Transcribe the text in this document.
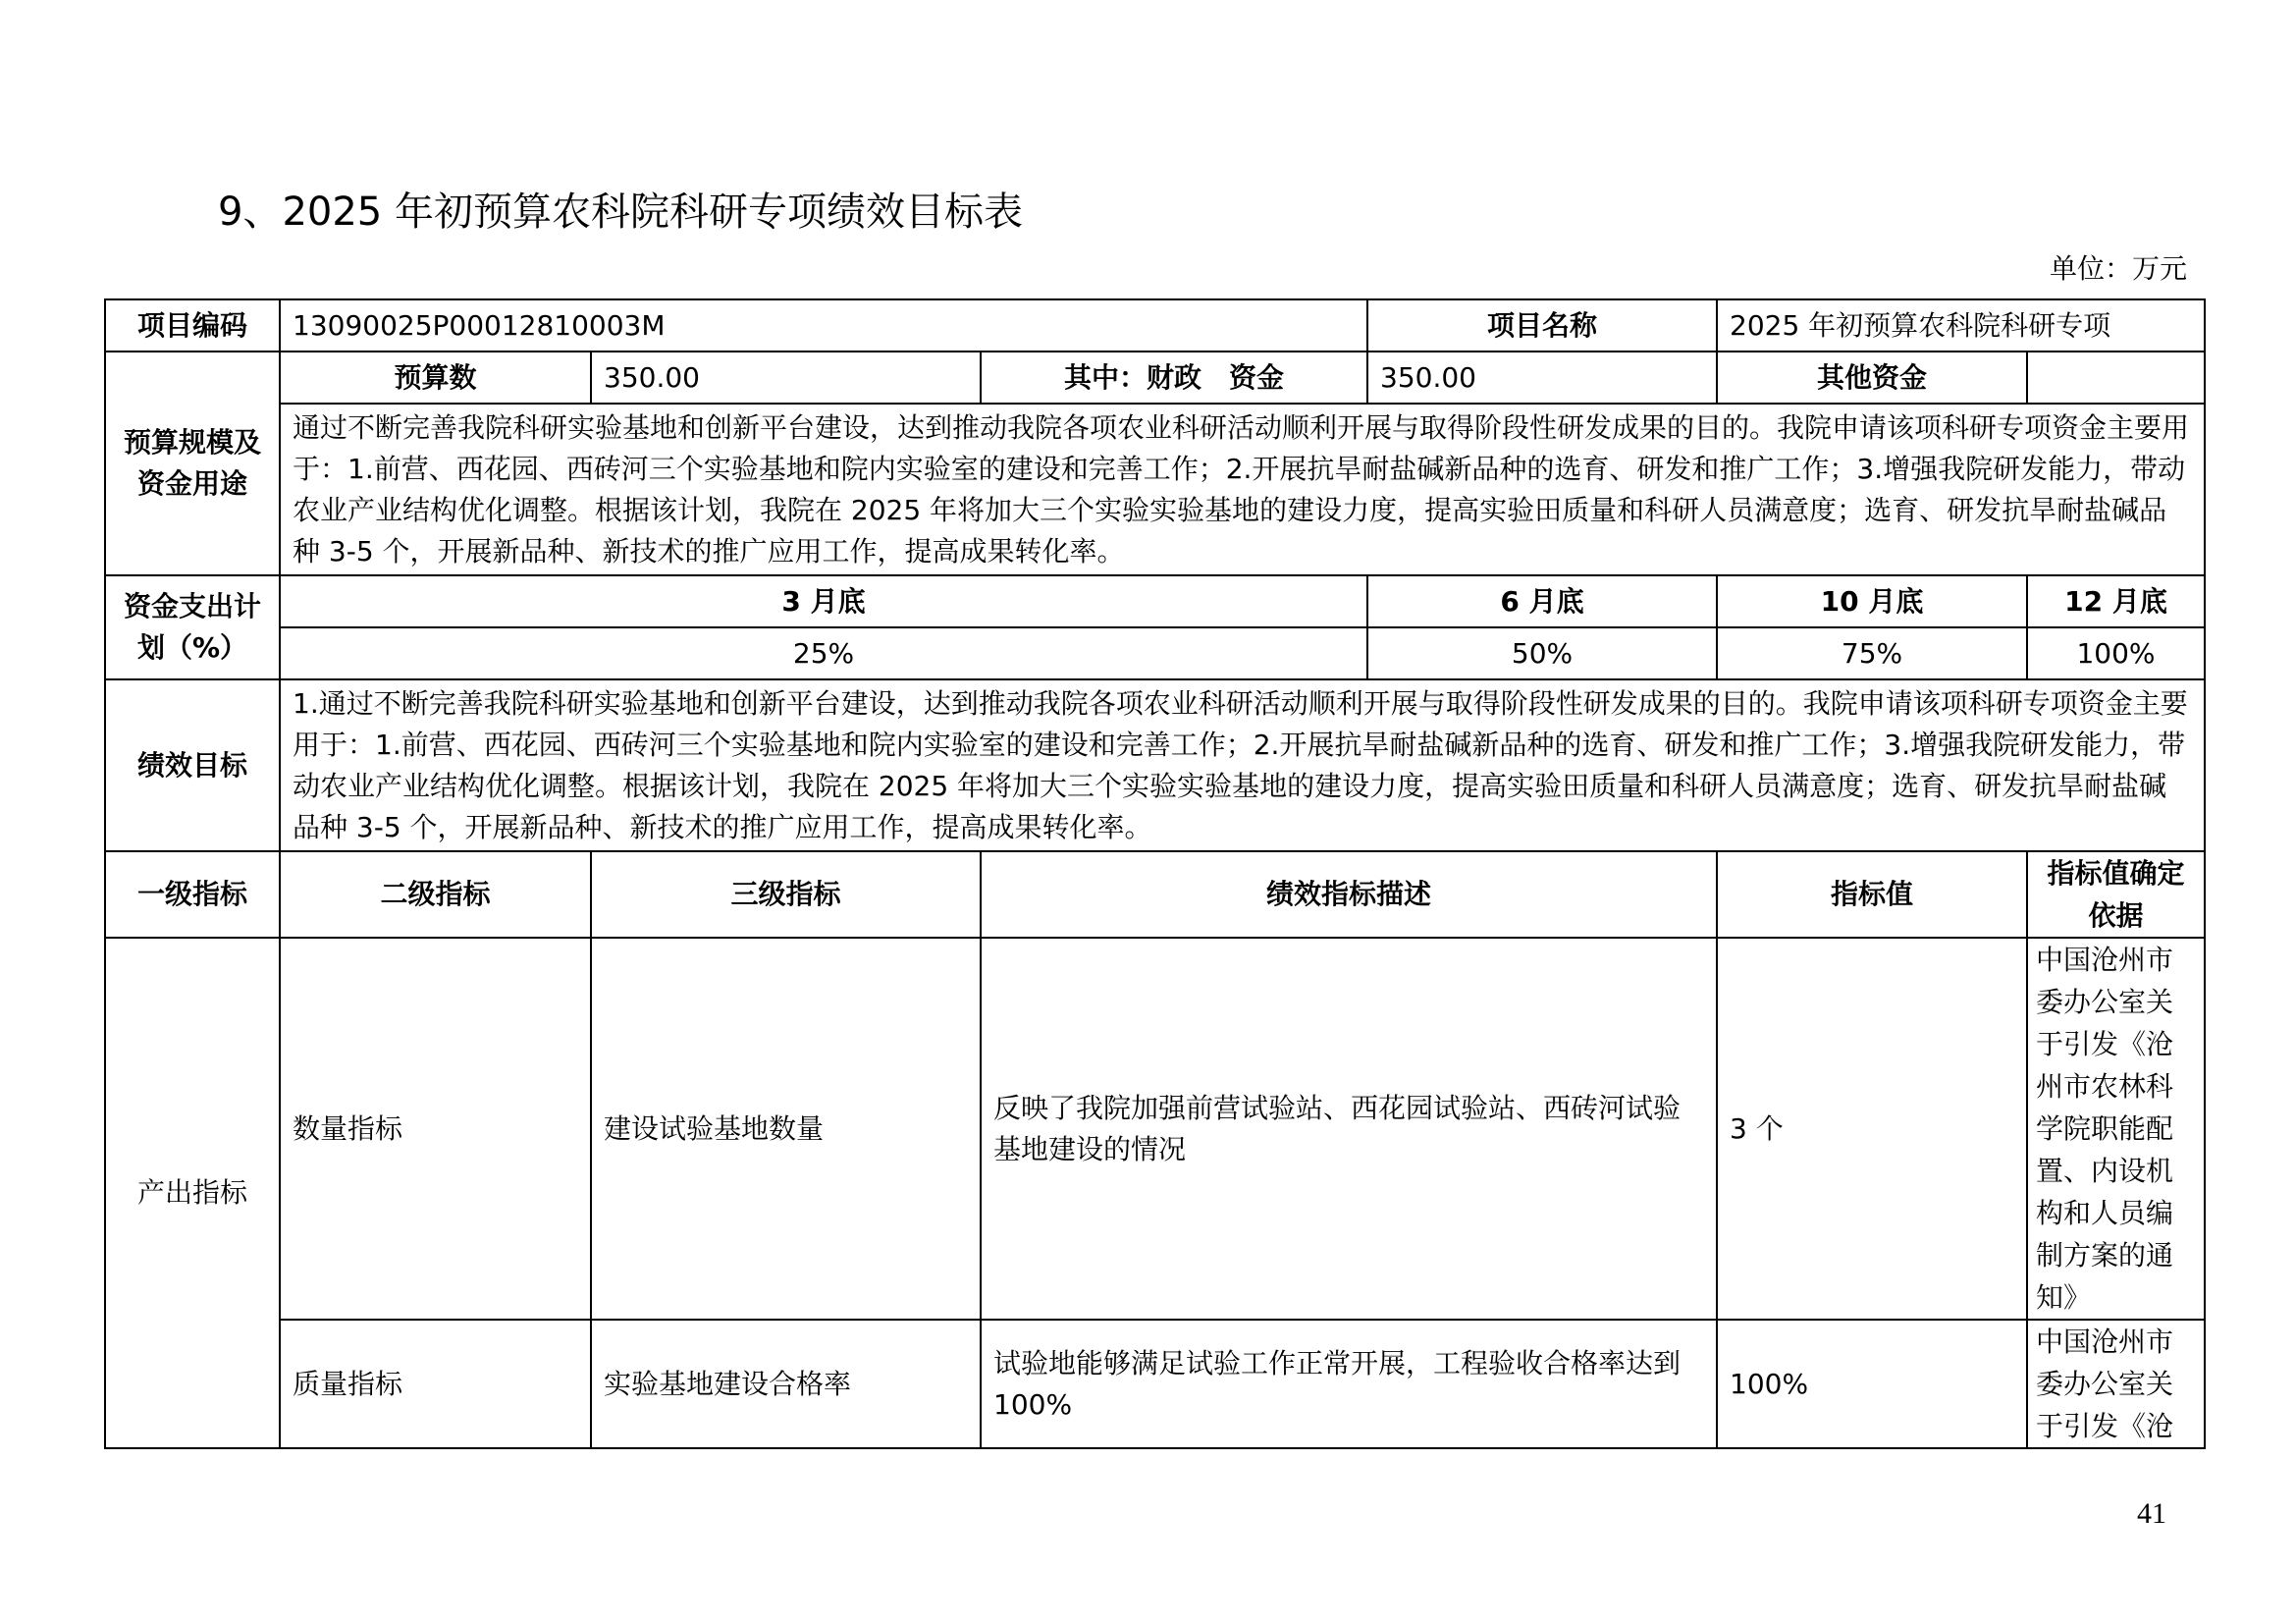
9、2025 年初预算农科院科研专项绩效目标表
单位：万元
项目编码	13090025P00012810003M			项目名称	2025 年初预算农科院科研专项	
预算规模及资金用途	预算数	350.00	其中：财政　资金	350.00	其他资金	
	通过不断完善我院科研实验基地和创新平台建设，达到推动我院各项农业科研活动顺利开展与取得阶段性研发成果的目的。我院申请该项科研专项资金主要用于：1.前营、西花园、西砖河三个实验基地和院内实验室的建设和完善工作；2.开展抗旱耐盐碱新品种的选育、研发和推广工作；3.增强我院研发能力，带动农业产业结构优化调整。根据该计划，我院在 2025 年将加大三个实验实验基地的建设力度，提高实验田质量和科研人员满意度；选育、研发抗旱耐盐碱品种 3-5 个，开展新品种、新技术的推广应用工作，提高成果转化率。					
资金支出计划（%）	3 月底			6 月底	10 月底	12 月底
	25%			50%	75%	100%
绩效目标	1.通过不断完善我院科研实验基地和创新平台建设，达到推动我院各项农业科研活动顺利开展与取得阶段性研发成果的目的。我院申请该项科研专项资金主要用于：1.前营、西花园、西砖河三个实验基地和院内实验室的建设和完善工作；2.开展抗旱耐盐碱新品种的选育、研发和推广工作；3.增强我院研发能力，带动农业产业结构优化调整。根据该计划，我院在 2025 年将加大三个实验实验基地的建设力度，提高实验田质量和科研人员满意度；选育、研发抗旱耐盐碱品种 3-5 个，开展新品种、新技术的推广应用工作，提高成果转化率。					
一级指标	二级指标	三级指标	绩效指标描述		指标值	指标值确定依据
产出指标	数量指标	建设试验基地数量	反映了我院加强前营试验站、西花园试验站、西砖河试验基地建设的情况		3 个	中国沧州市委办公室关于引发《沧州市农林科学院职能配置、内设机构和人员编制方案的通知》
	质量指标	实验基地建设合格率	试验地能够满足试验工作正常开展，工程验收合格率达到 100%		100%	中国沧州市委办公室关于引发《沧
41
